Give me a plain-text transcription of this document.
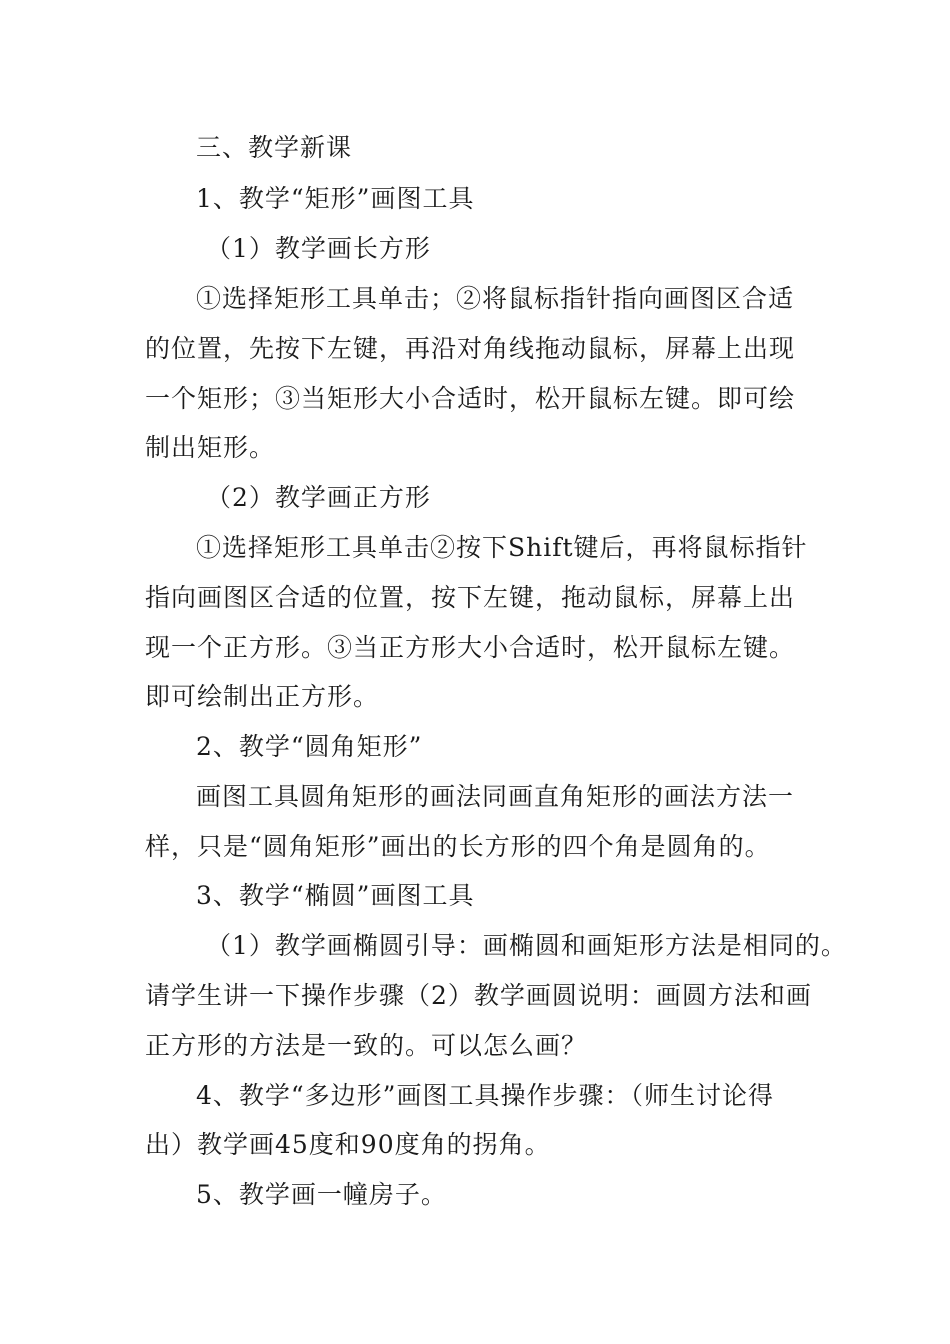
三、教学新课
1、教学“矩形”画图工具
（1）教学画长方形
①选择矩形工具单击；②将鼠标指针指向画图区合适
的位置，先按下左键，再沿对角线拖动鼠标，屏幕上出现
一个矩形；③当矩形大小合适时，松开鼠标左键。即可绘
制出矩形。
（2）教学画正方形
①选择矩形工具单击②按下Shift键后，再将鼠标指针
指向画图区合适的位置，按下左键，拖动鼠标，屏幕上出
现一个正方形。③当正方形大小合适时，松开鼠标左键。
即可绘制出正方形。
2、教学“圆角矩形”
画图工具圆角矩形的画法同画直角矩形的画法方法一
样，只是“圆角矩形”画出的长方形的四个角是圆角的。
3、教学“椭圆”画图工具
（1）教学画椭圆引导：画椭圆和画矩形方法是相同的。
请学生讲一下操作步骤（2）教学画圆说明：画圆方法和画
正方形的方法是一致的。可以怎么画？
4、教学“多边形”画图工具操作步骤：（师生讨论得
出）教学画45度和90度角的拐角。
5、教学画一幢房子。
